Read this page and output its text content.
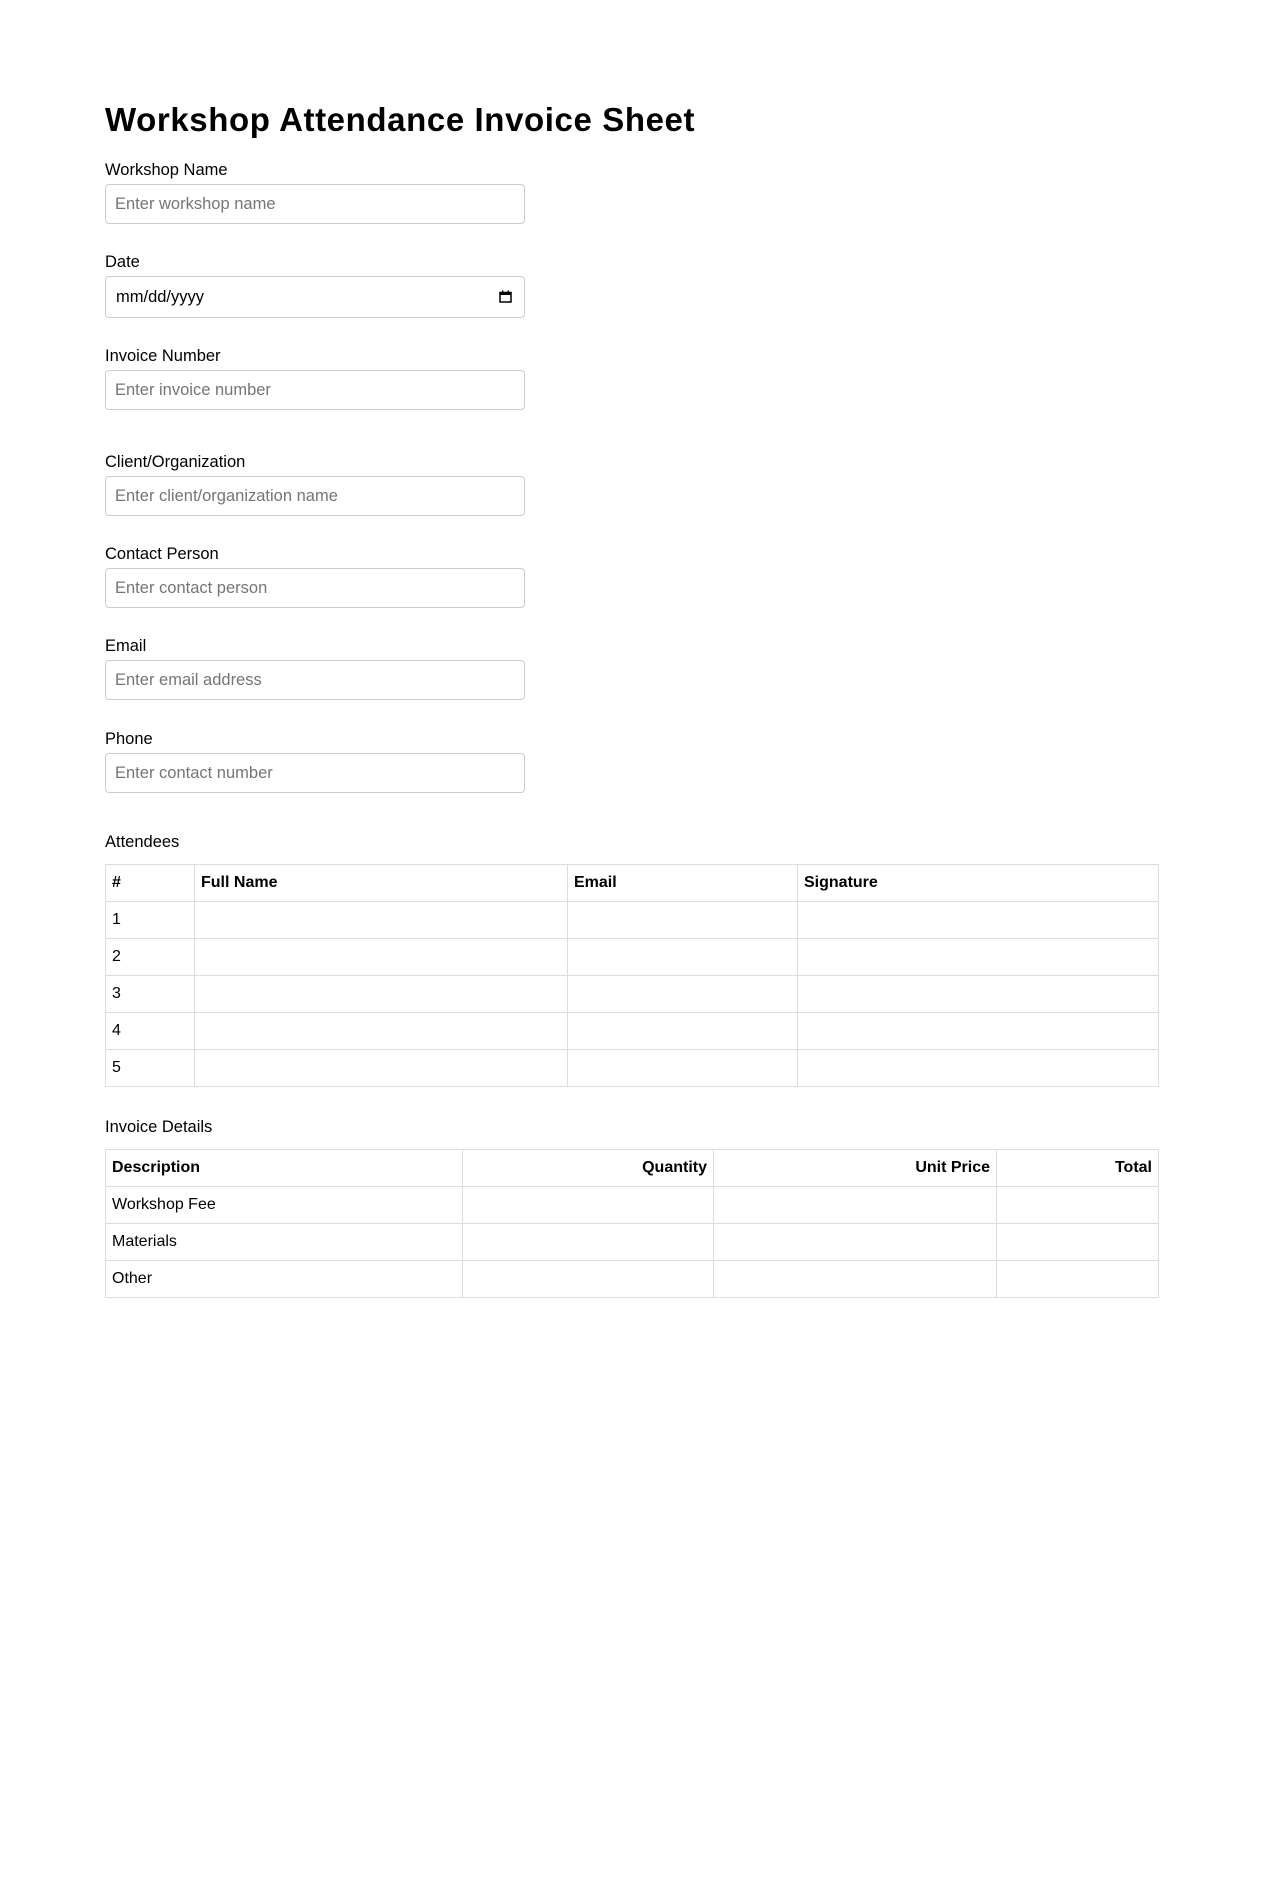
Workshop Attendance Invoice Sheet
Workshop Name
Enter workshop name
Date
mm/dd/yyyy
Invoice Number
Enter invoice number
Client/Organization
Enter client/organization name
Contact Person
Enter contact person
Email
Enter email address
Phone
Enter contact number
Attendees
#	Full Name	Email	Signature
1			
2			
3			
4			
5			
Invoice Details
Description	Quantity	Unit Price	Total
Workshop Fee			
Materials			
Other			
